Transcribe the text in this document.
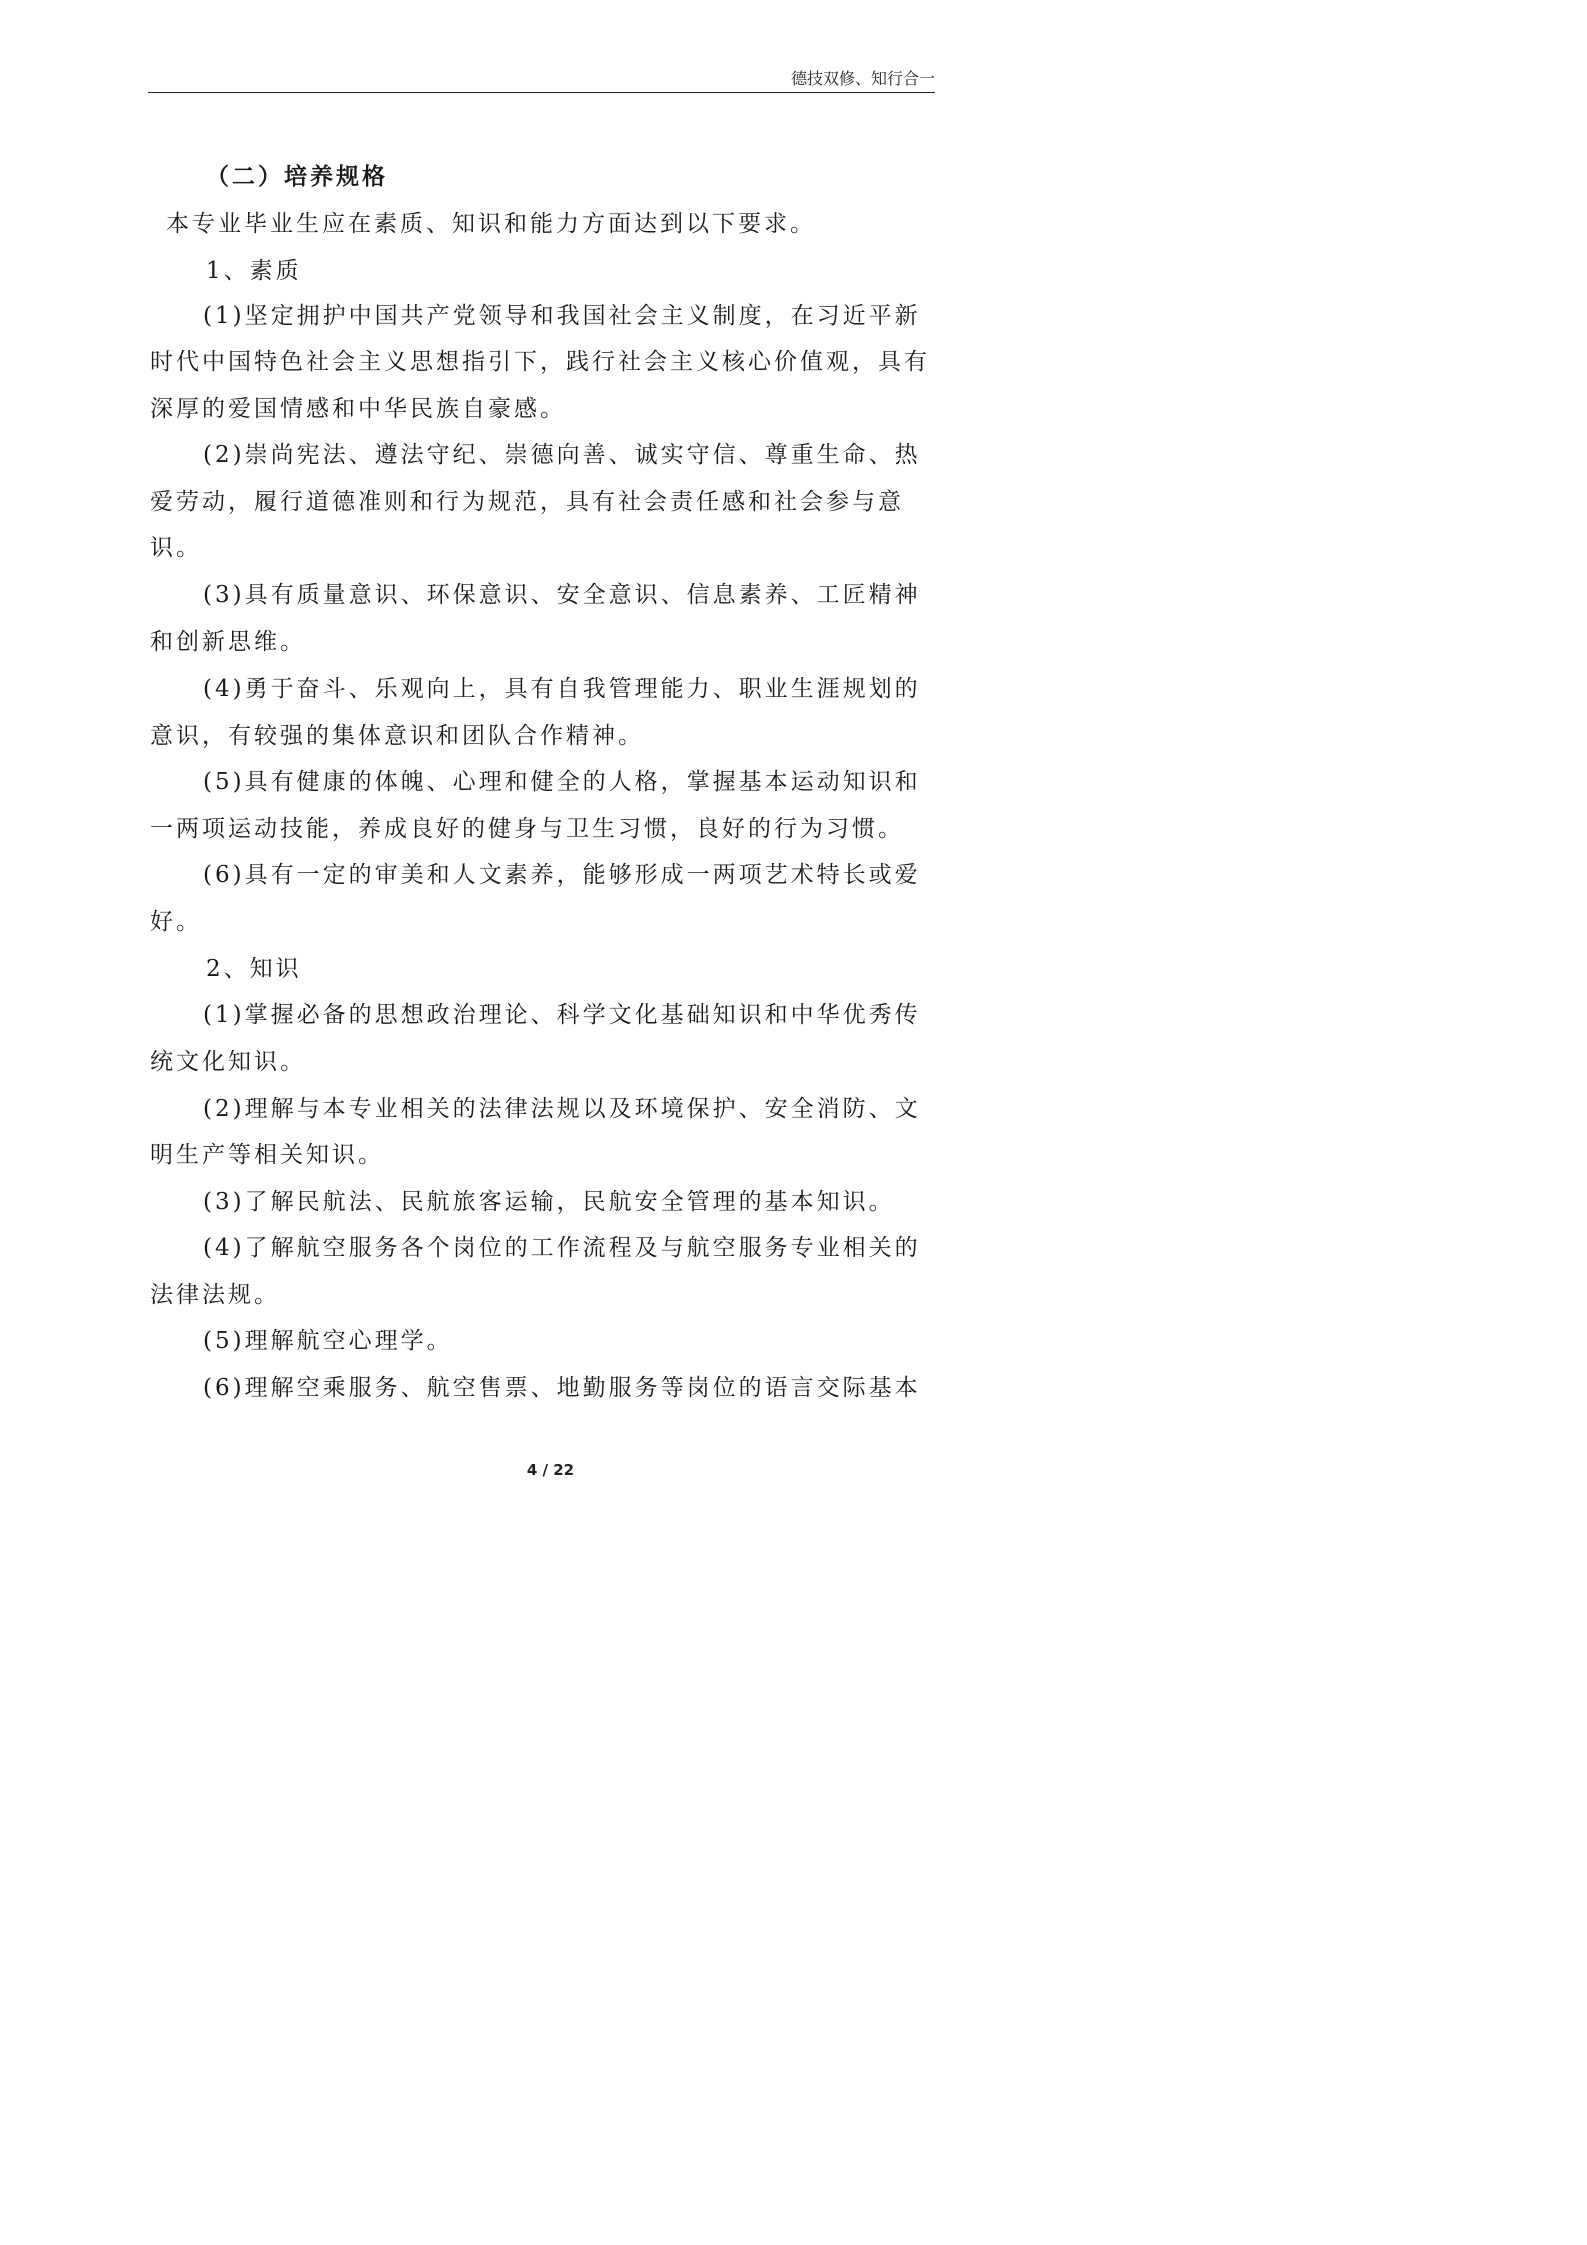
德技双修、知行合一
（二）培养规格
本专业毕业生应在素质、知识和能力方面达到以下要求。
1、素质
(1)坚定拥护中国共产党领导和我国社会主义制度，在习近平新
时代中国特色社会主义思想指引下，践行社会主义核心价值观，具有
深厚的爱国情感和中华民族自豪感。
(2)崇尚宪法、遵法守纪、崇德向善、诚实守信、尊重生命、热
爱劳动，履行道德准则和行为规范，具有社会责任感和社会参与意
识。
(3)具有质量意识、环保意识、安全意识、信息素养、工匠精神
和创新思维。
(4)勇于奋斗、乐观向上，具有自我管理能力、职业生涯规划的
意识，有较强的集体意识和团队合作精神。
(5)具有健康的体魄、心理和健全的人格，掌握基本运动知识和
一两项运动技能，养成良好的健身与卫生习惯，良好的行为习惯。
(6)具有一定的审美和人文素养，能够形成一两项艺术特长或爱
好。
2、知识
(1)掌握必备的思想政治理论、科学文化基础知识和中华优秀传
统文化知识。
(2)理解与本专业相关的法律法规以及环境保护、安全消防、文
明生产等相关知识。
(3)了解民航法、民航旅客运输，民航安全管理的基本知识。
(4)了解航空服务各个岗位的工作流程及与航空服务专业相关的
法律法规。
(5)理解航空心理学。
(6)理解空乘服务、航空售票、地勤服务等岗位的语言交际基本
4 / 22
